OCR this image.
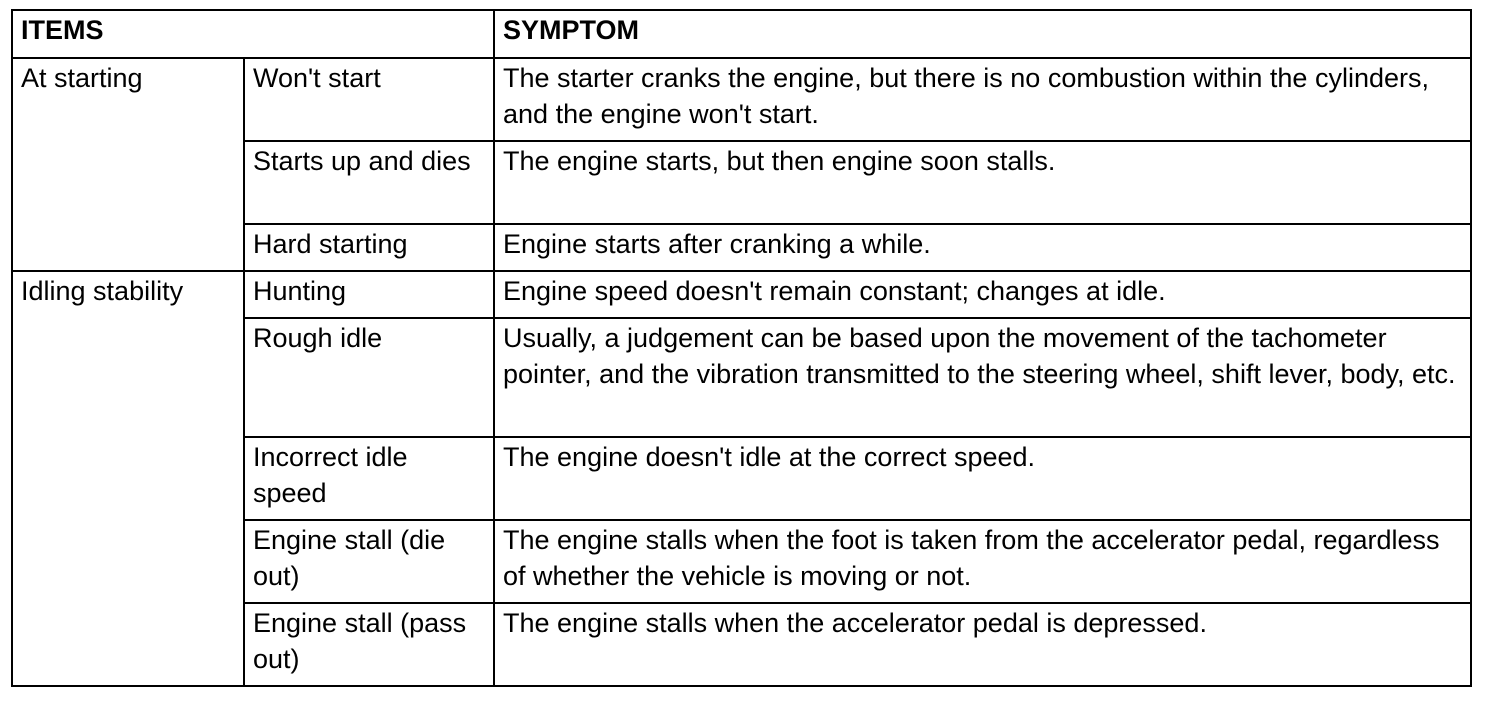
ITEMS		SYMPTOM
At starting	Won't start	The starter cranks the engine, but there is no combustion within the cylinders, and the engine won't start.
	Starts up and dies	The engine starts, but then engine soon stalls.
	Hard starting	Engine starts after cranking a while.
Idling stability	Hunting	Engine speed doesn't remain constant; changes at idle.
	Rough idle	Usually, a judgement can be based upon the movement of the tachometer pointer, and the vibration transmitted to the steering wheel, shift lever, body, etc.
	Incorrect idle speed	The engine doesn't idle at the correct speed.
	Engine stall (die out)	The engine stalls when the foot is taken from the accelerator pedal, regardless of whether the vehicle is moving or not.
	Engine stall (pass out)	The engine stalls when the accelerator pedal is depressed.
